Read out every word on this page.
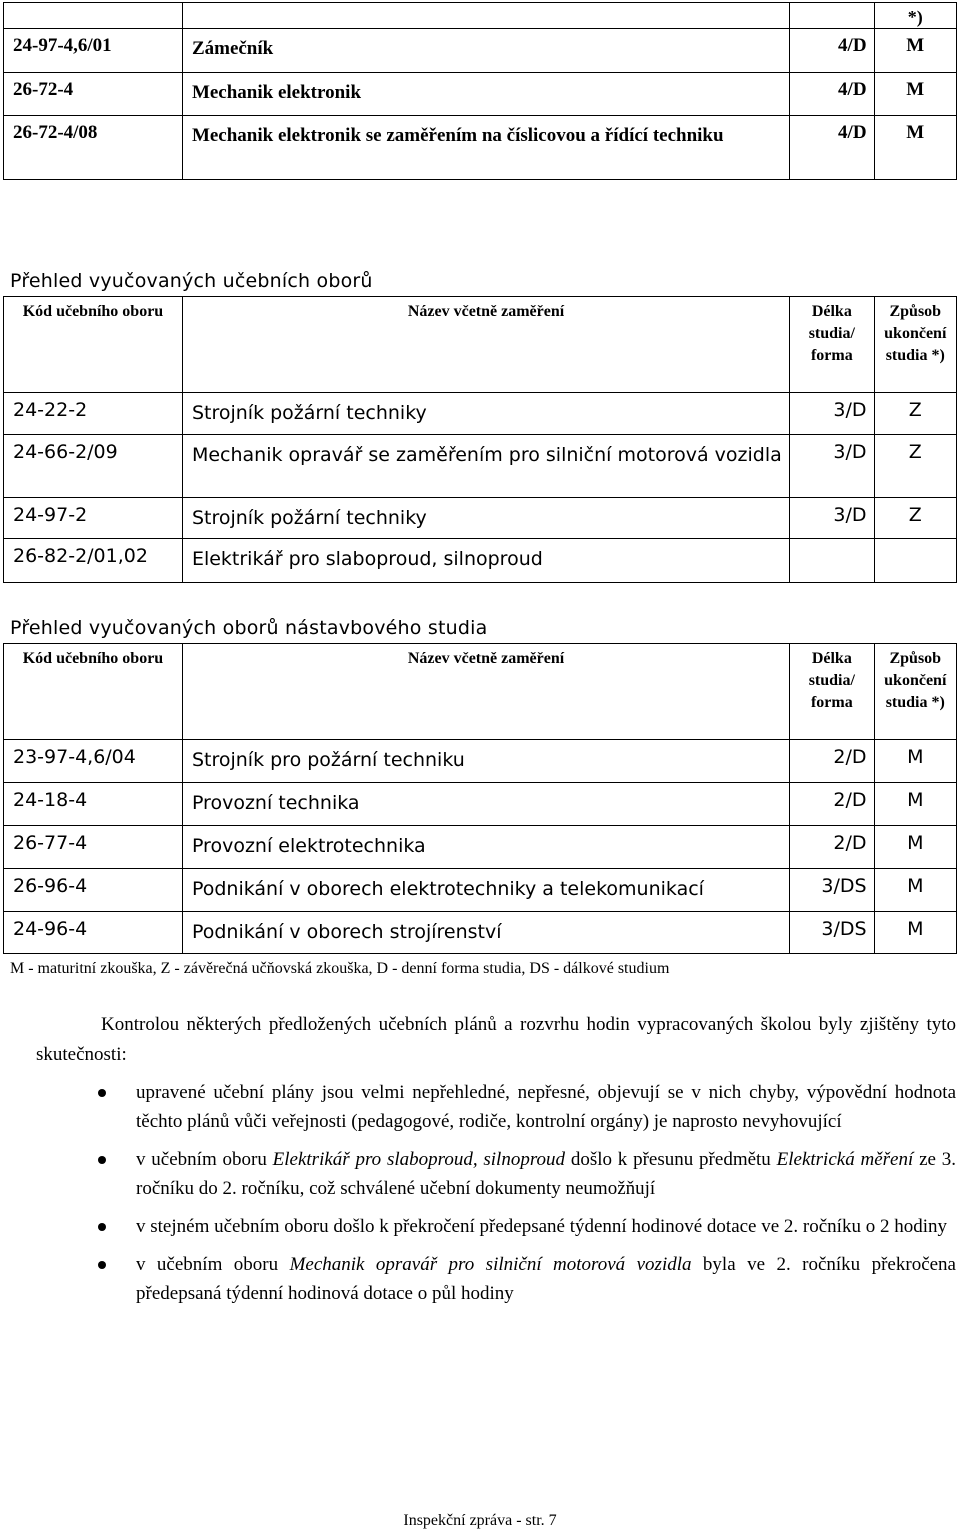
			*)
24-97-4,6/01	Zámečník	4/D	M
26-72-4	Mechanik elektronik	4/D	M
26-72-4/08	Mechanik elektronik se zaměřením na číslicovou a řídící techniku	4/D	M
Přehled vyučovaných učebních oborů
Kód učebního oboru	Název včetně zaměření	Délka studia/ forma	Způsob ukončení studia *)
24-22-2	Strojník požární techniky	3/D	Z
24-66-2/09	Mechanik opravář se zaměřením pro silniční motorová vozidla	3/D	Z
24-97-2	Strojník požární techniky	3/D	Z
26-82-2/01,02	Elektrikář pro slaboproud, silnoproud		
Přehled vyučovaných oborů nástavbového studia
Kód učebního oboru	Název včetně zaměření	Délka studia/ forma	Způsob ukončení studia *)
23-97-4,6/04	Strojník pro požární techniku	2/D	M
24-18-4	Provozní technika	2/D	M
26-77-4	Provozní elektrotechnika	2/D	M
26-96-4	Podnikání v oborech elektrotechniky a telekomunikací	3/DS	M
24-96-4	Podnikání v oborech strojírenství	3/DS	M
M - maturitní zkouška, Z - závěrečná učňovská zkouška, D - denní forma studia, DS - dálkové studium
Kontrolou některých předložených učebních plánů a rozvrhu hodin vypracovaných školou byly zjištěny tyto skutečnosti:
upravené učební plány jsou velmi nepřehledné, nepřesné, objevují se v nich chyby, výpovědní hodnota těchto plánů vůči veřejnosti (pedagogové, rodiče, kontrolní orgány) je naprosto nevyhovující
v učebním oboru Elektrikář pro slaboproud, silnoproud došlo k přesunu předmětu Elektrická měření ze 3. ročníku do 2. ročníku, což schválené učební dokumenty neumožňují
v stejném učebním oboru došlo k překročení předepsané týdenní hodinové dotace ve 2. ročníku o 2 hodiny
v učebním oboru Mechanik opravář pro silniční motorová vozidla byla ve 2. ročníku překročena předepsaná týdenní hodinová dotace o půl hodiny
Inspekční zpráva - str. 7
